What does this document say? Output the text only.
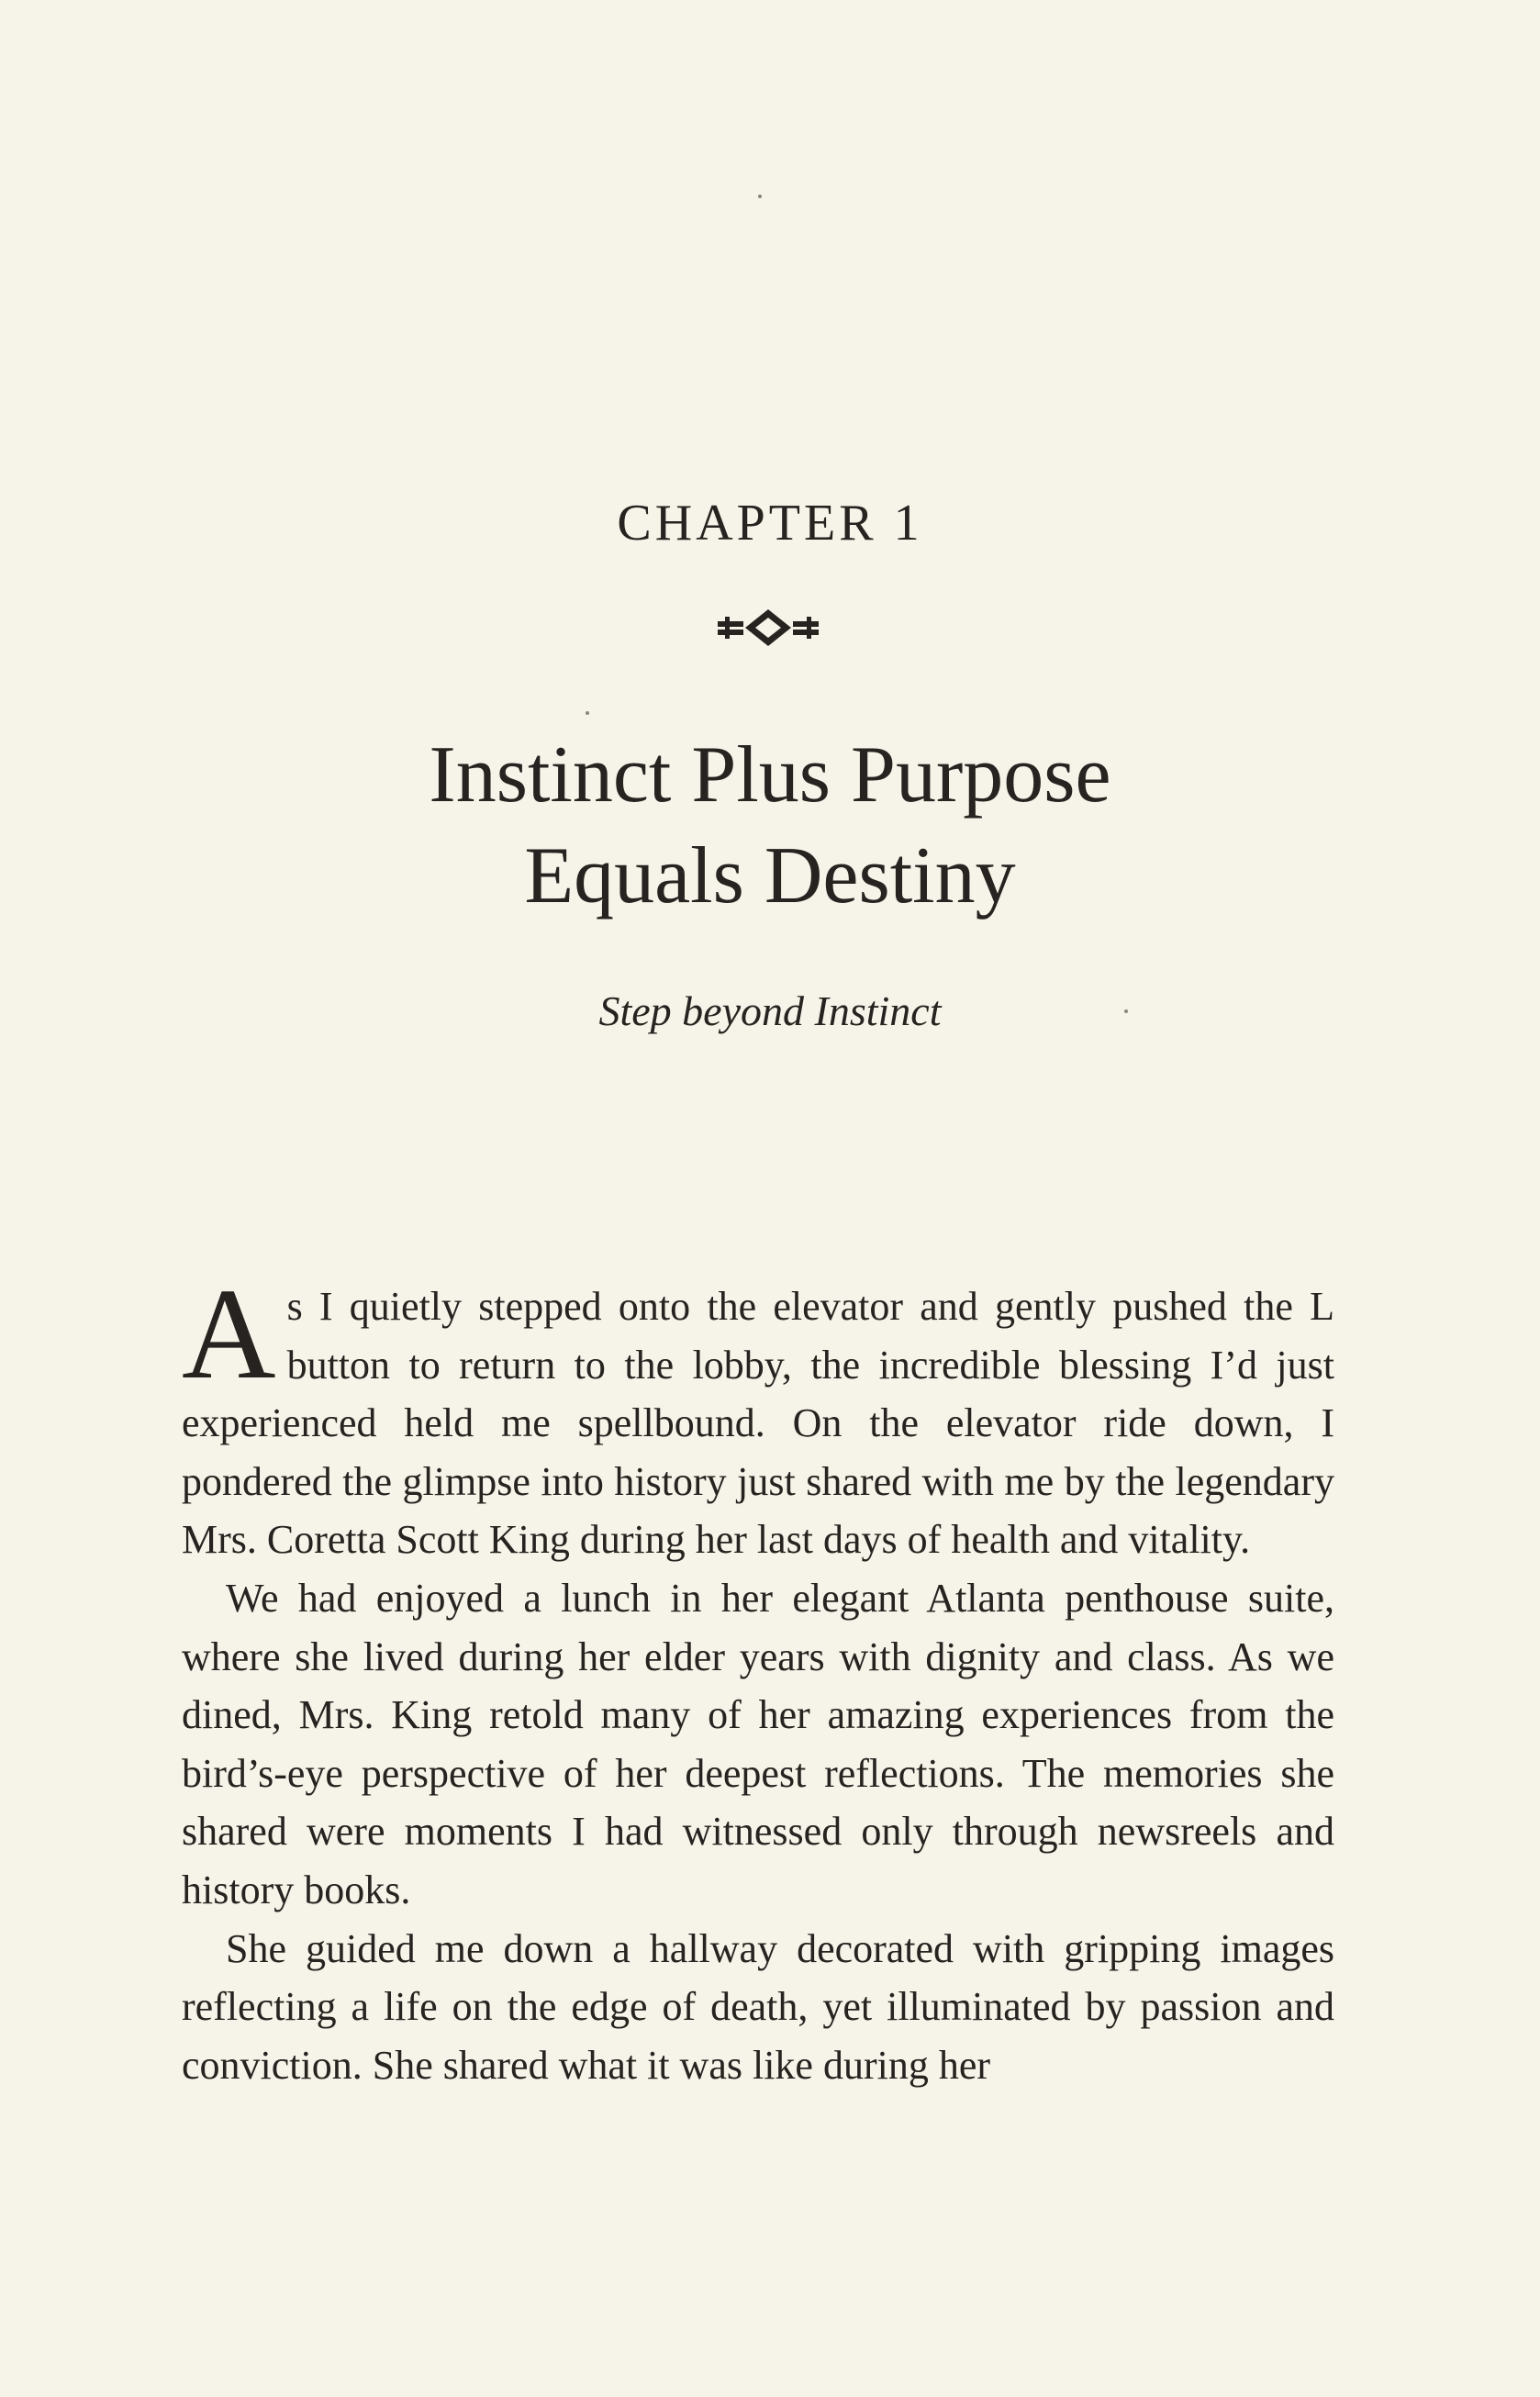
CHAPTER 1
Instinct Plus Purpose
Equals Destiny
Step beyond Instinct

As I quietly stepped onto the elevator and gently pushed the L button to return to the lobby, the incredible blessing I’d just experienced held me spellbound. On the elevator ride down, I pondered the glimpse into history just shared with me by the legendary Mrs. Coretta Scott King during her last days of health and vitality.

We had enjoyed a lunch in her elegant Atlanta penthouse suite, where she lived during her elder years with dignity and class. As we dined, Mrs. King retold many of her amazing experiences from the bird’s-eye perspective of her deepest reflections. The memories she shared were moments I had witnessed only through newsreels and history books.

She guided me down a hallway decorated with gripping images reflecting a life on the edge of death, yet illuminated by passion and conviction. She shared what it was like during her
